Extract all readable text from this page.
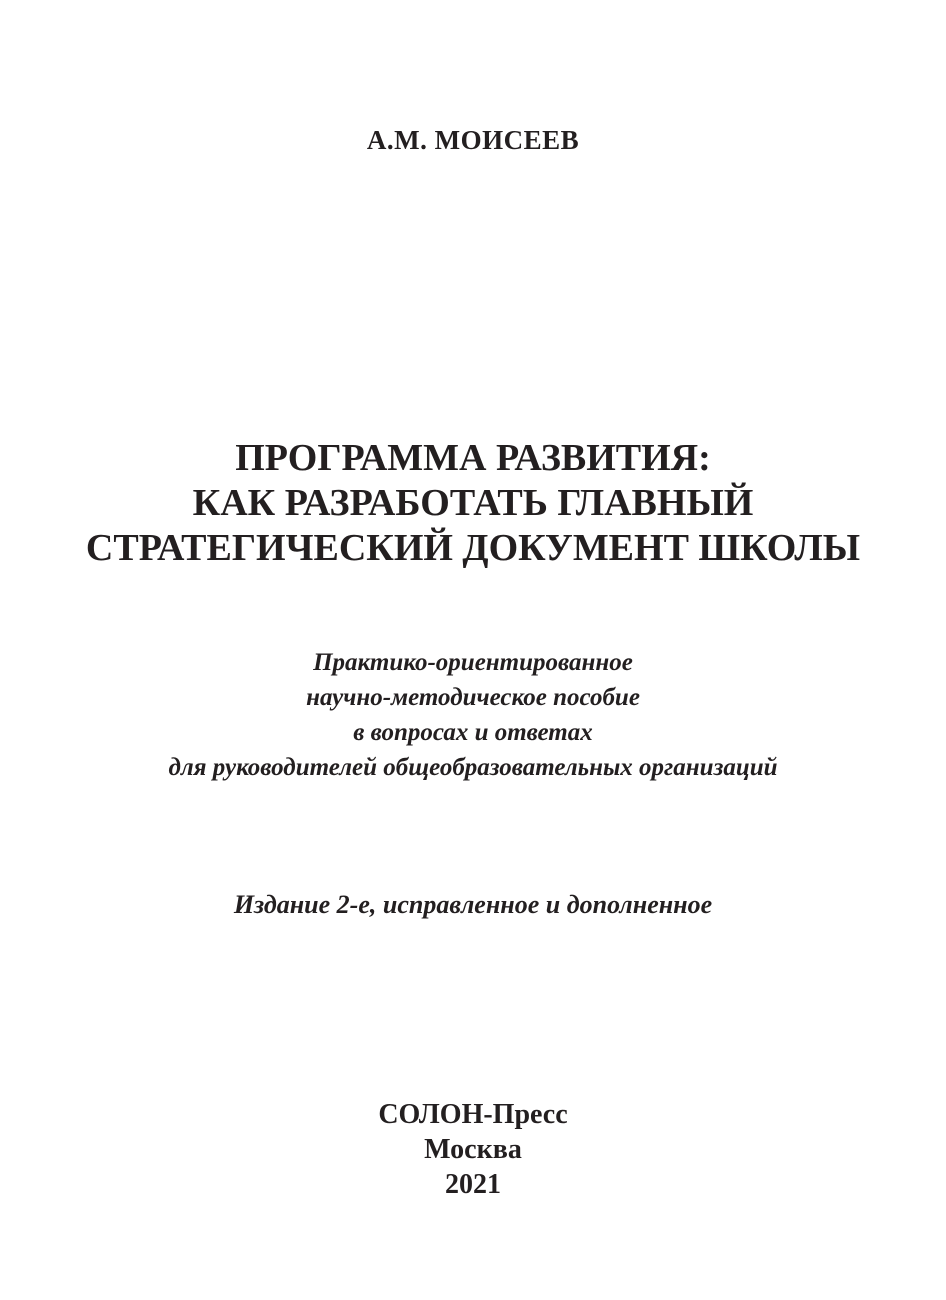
А.М. МОИСЕЕВ
ПРОГРАММА РАЗВИТИЯ:
КАК РАЗРАБОТАТЬ ГЛАВНЫЙ
СТРАТЕГИЧЕСКИЙ ДОКУМЕНТ ШКОЛЫ
Практико-ориентированное
научно-методическое пособие
в вопросах и ответах
для руководителей общеобразовательных организаций
Издание 2-е, исправленное и дополненное
СОЛОН-Пресс
Москва
2021
